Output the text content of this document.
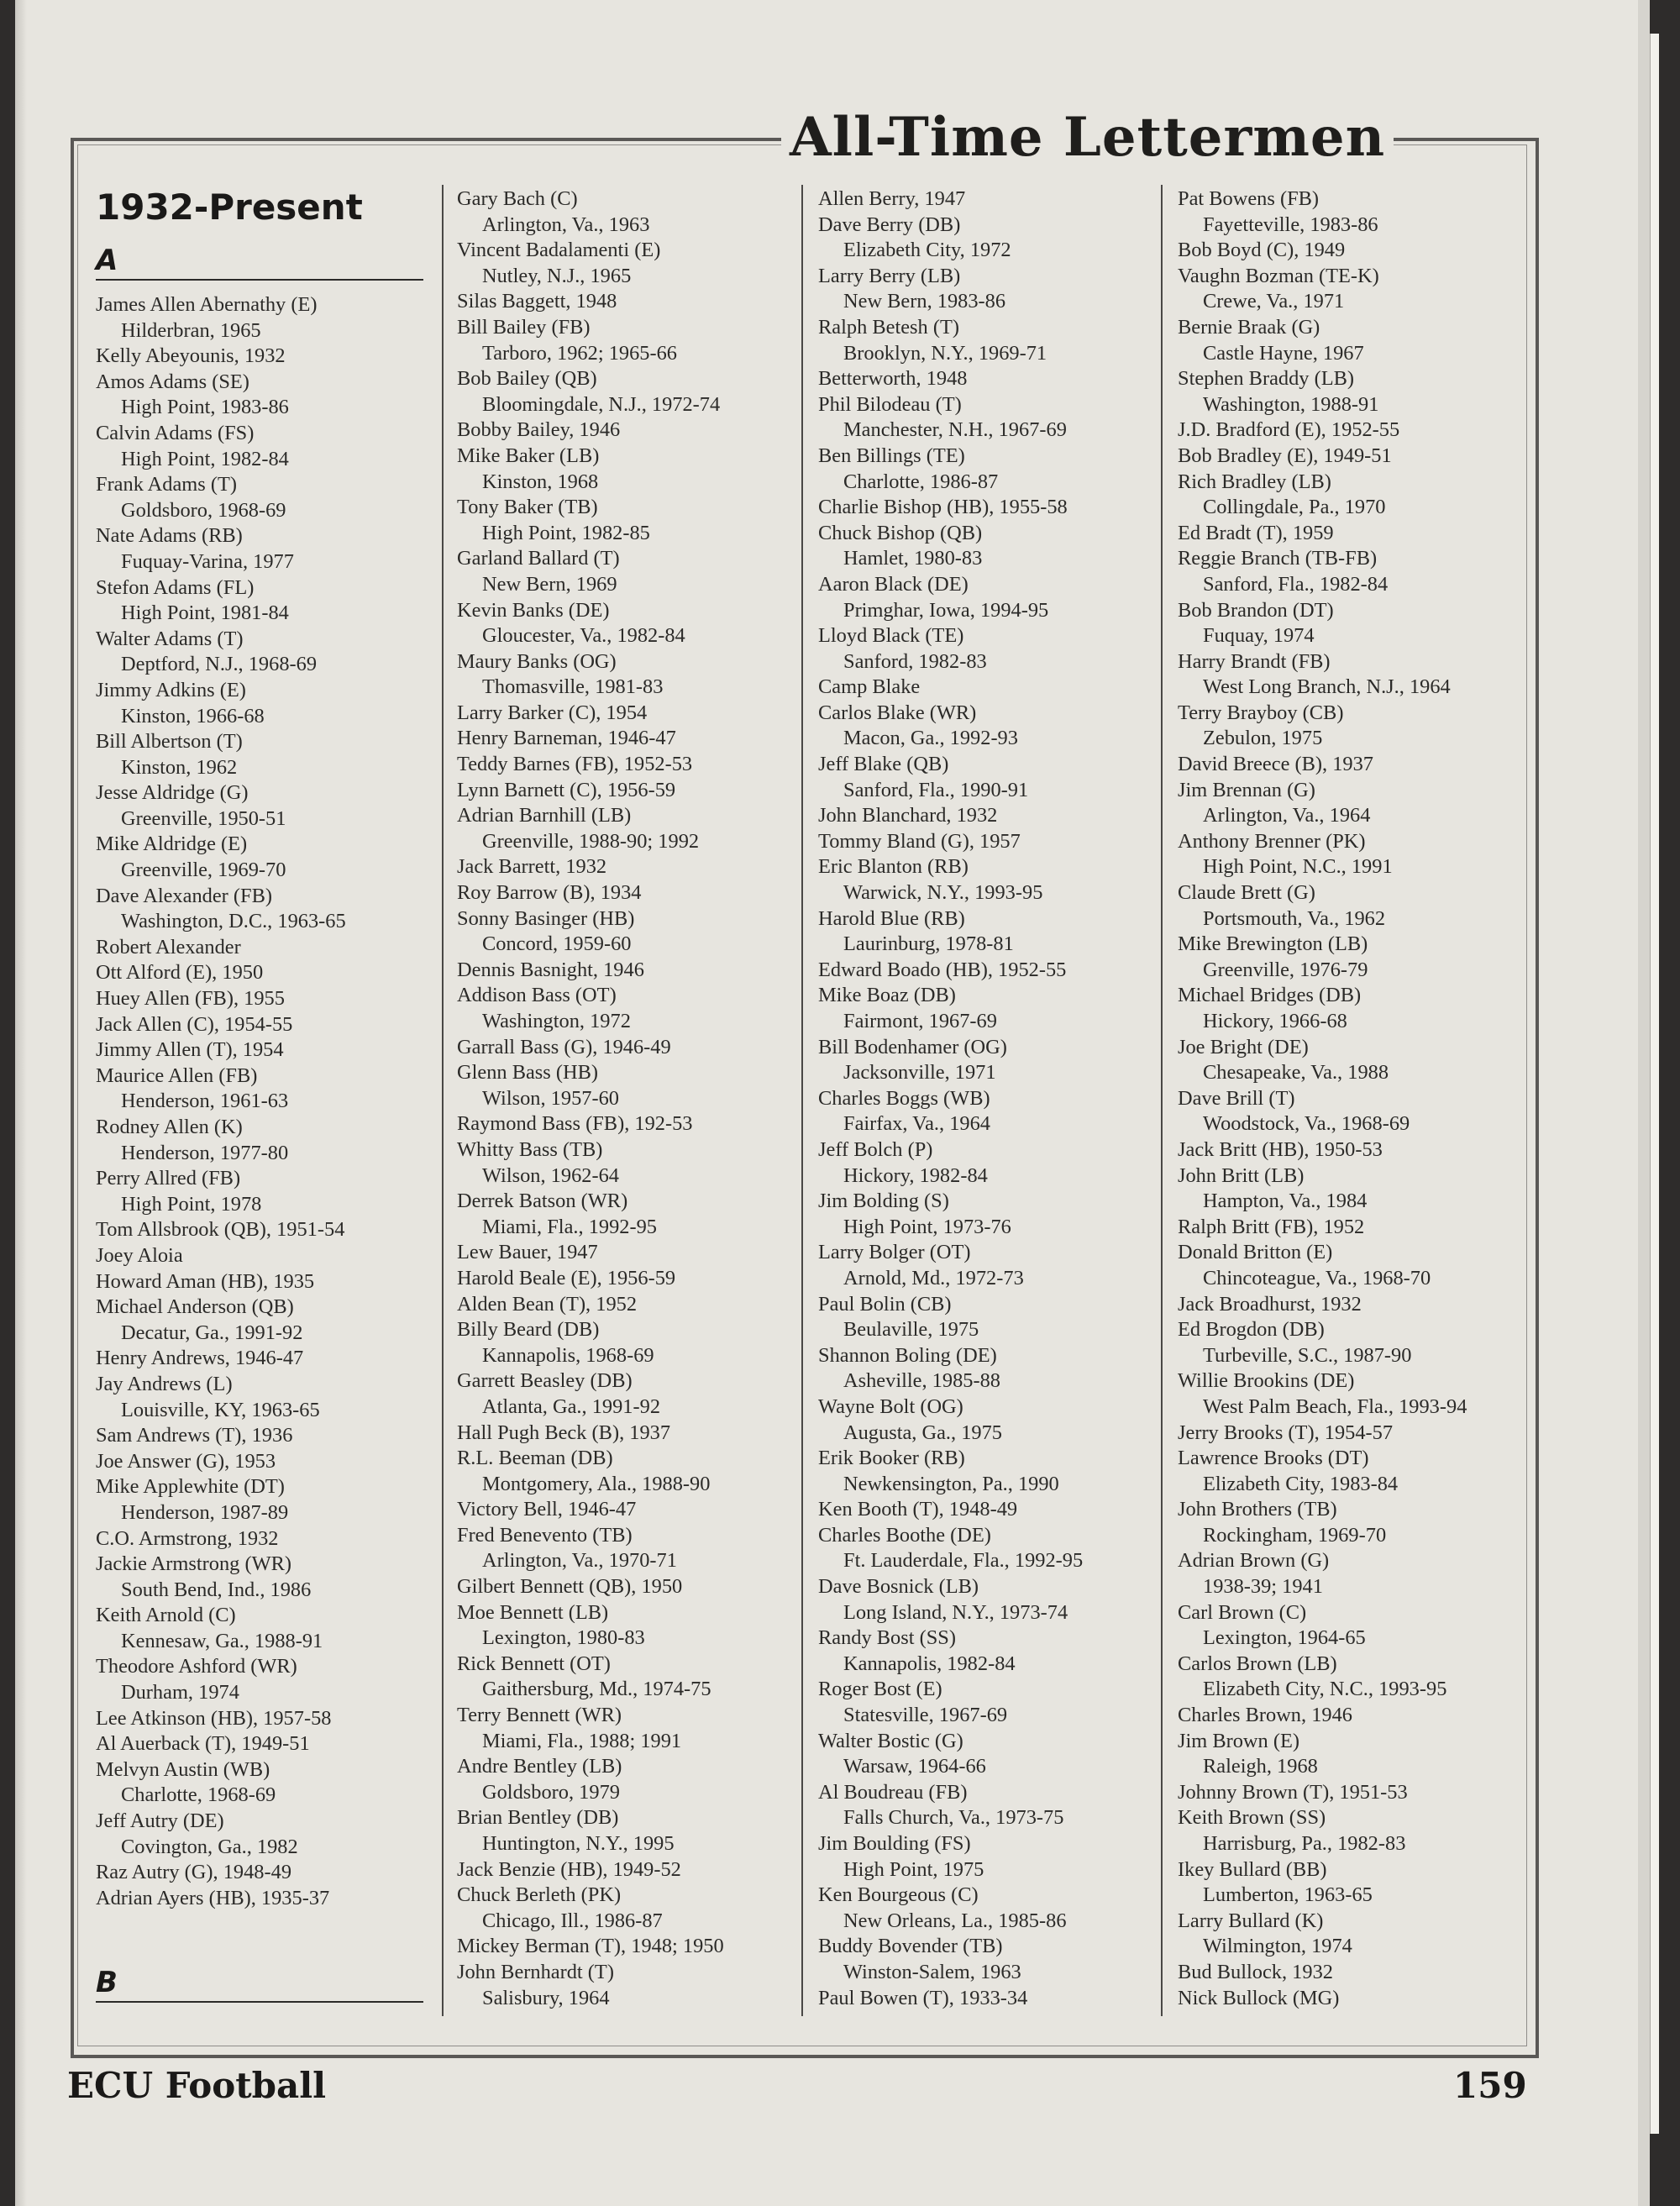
All-Time Lettermen
1932-Present
A
James Allen Abernathy (E)
Hilderbran, 1965
Kelly Abeyounis, 1932
Amos Adams (SE)
High Point, 1983-86
Calvin Adams (FS)
High Point, 1982-84
Frank Adams (T)
Goldsboro, 1968-69
Nate Adams (RB)
Fuquay-Varina, 1977
Stefon Adams (FL)
High Point, 1981-84
Walter Adams (T)
Deptford, N.J., 1968-69
Jimmy Adkins (E)
Kinston, 1966-68
Bill Albertson (T)
Kinston, 1962
Jesse Aldridge (G)
Greenville, 1950-51
Mike Aldridge (E)
Greenville, 1969-70
Dave Alexander (FB)
Washington, D.C., 1963-65
Robert Alexander
Ott Alford (E), 1950
Huey Allen (FB), 1955
Jack Allen (C), 1954-55
Jimmy Allen (T), 1954
Maurice Allen (FB)
Henderson, 1961-63
Rodney Allen (K)
Henderson, 1977-80
Perry Allred (FB)
High Point, 1978
Tom Allsbrook (QB), 1951-54
Joey Aloia
Howard Aman (HB), 1935
Michael Anderson (QB)
Decatur, Ga., 1991-92
Henry Andrews, 1946-47
Jay Andrews (L)
Louisville, KY, 1963-65
Sam Andrews (T), 1936
Joe Answer (G), 1953
Mike Applewhite (DT)
Henderson, 1987-89
C.O. Armstrong, 1932
Jackie Armstrong (WR)
South Bend, Ind., 1986
Keith Arnold (C)
Kennesaw, Ga., 1988-91
Theodore Ashford (WR)
Durham, 1974
Lee Atkinson (HB), 1957-58
Al Auerback (T), 1949-51
Melvyn Austin (WB)
Charlotte, 1968-69
Jeff Autry (DE)
Covington, Ga., 1982
Raz Autry (G), 1948-49
Adrian Ayers (HB), 1935-37
Gary Bach (C)
Arlington, Va., 1963
Vincent Badalamenti (E)
Nutley, N.J., 1965
Silas Baggett, 1948
Bill Bailey (FB)
Tarboro, 1962; 1965-66
Bob Bailey (QB)
Bloomingdale, N.J., 1972-74
Bobby Bailey, 1946
Mike Baker (LB)
Kinston, 1968
Tony Baker (TB)
High Point, 1982-85
Garland Ballard (T)
New Bern, 1969
Kevin Banks (DE)
Gloucester, Va., 1982-84
Maury Banks (OG)
Thomasville, 1981-83
Larry Barker (C), 1954
Henry Barneman, 1946-47
Teddy Barnes (FB), 1952-53
Lynn Barnett (C), 1956-59
Adrian Barnhill (LB)
Greenville, 1988-90; 1992
Jack Barrett, 1932
Roy Barrow (B), 1934
Sonny Basinger (HB)
Concord, 1959-60
Dennis Basnight, 1946
Addison Bass (OT)
Washington, 1972
Garrall Bass (G), 1946-49
Glenn Bass (HB)
Wilson, 1957-60
Raymond Bass (FB), 192-53
Whitty Bass (TB)
Wilson, 1962-64
Derrek Batson (WR)
Miami, Fla., 1992-95
Lew Bauer, 1947
Harold Beale (E), 1956-59
Alden Bean (T), 1952
Billy Beard (DB)
Kannapolis, 1968-69
Garrett Beasley (DB)
Atlanta, Ga., 1991-92
Hall Pugh Beck (B), 1937
R.L. Beeman (DB)
Montgomery, Ala., 1988-90
Victory Bell, 1946-47
Fred Benevento (TB)
Arlington, Va., 1970-71
Gilbert Bennett (QB), 1950
Moe Bennett (LB)
Lexington, 1980-83
Rick Bennett (OT)
Gaithersburg, Md., 1974-75
Terry Bennett (WR)
Miami, Fla., 1988; 1991
Andre Bentley (LB)
Goldsboro, 1979
Brian Bentley (DB)
Huntington, N.Y., 1995
Jack Benzie (HB), 1949-52
Chuck Berleth (PK)
Chicago, Ill., 1986-87
Mickey Berman (T), 1948; 1950
John Bernhardt (T)
Salisbury, 1964
Allen Berry, 1947
Dave Berry (DB)
Elizabeth City, 1972
Larry Berry (LB)
New Bern, 1983-86
Ralph Betesh (T)
Brooklyn, N.Y., 1969-71
Betterworth, 1948
Phil Bilodeau (T)
Manchester, N.H., 1967-69
Ben Billings (TE)
Charlotte, 1986-87
Charlie Bishop (HB), 1955-58
Chuck Bishop (QB)
Hamlet, 1980-83
Aaron Black (DE)
Primghar, Iowa, 1994-95
Lloyd Black (TE)
Sanford, 1982-83
Camp Blake
Carlos Blake (WR)
Macon, Ga., 1992-93
Jeff Blake (QB)
Sanford, Fla., 1990-91
John Blanchard, 1932
Tommy Bland (G), 1957
Eric Blanton (RB)
Warwick, N.Y., 1993-95
Harold Blue (RB)
Laurinburg, 1978-81
Edward Boado (HB), 1952-55
Mike Boaz (DB)
Fairmont, 1967-69
Bill Bodenhamer (OG)
Jacksonville, 1971
Charles Boggs (WB)
Fairfax, Va., 1964
Jeff Bolch (P)
Hickory, 1982-84
Jim Bolding (S)
High Point, 1973-76
Larry Bolger (OT)
Arnold, Md., 1972-73
Paul Bolin (CB)
Beulaville, 1975
Shannon Boling (DE)
Asheville, 1985-88
Wayne Bolt (OG)
Augusta, Ga., 1975
Erik Booker (RB)
Newkensington, Pa., 1990
Ken Booth (T), 1948-49
Charles Boothe (DE)
Ft. Lauderdale, Fla., 1992-95
Dave Bosnick (LB)
Long Island, N.Y., 1973-74
Randy Bost (SS)
Kannapolis, 1982-84
Roger Bost (E)
Statesville, 1967-69
Walter Bostic (G)
Warsaw, 1964-66
Al Boudreau (FB)
Falls Church, Va., 1973-75
Jim Boulding (FS)
High Point, 1975
Ken Bourgeous (C)
New Orleans, La., 1985-86
Buddy Bovender (TB)
Winston-Salem, 1963
Paul Bowen (T), 1933-34
Pat Bowens (FB)
Fayetteville, 1983-86
Bob Boyd (C), 1949
Vaughn Bozman (TE-K)
Crewe, Va., 1971
Bernie Braak (G)
Castle Hayne, 1967
Stephen Braddy (LB)
Washington, 1988-91
J.D. Bradford (E), 1952-55
Bob Bradley (E), 1949-51
Rich Bradley (LB)
Collingdale, Pa., 1970
Ed Bradt (T), 1959
Reggie Branch (TB-FB)
Sanford, Fla., 1982-84
Bob Brandon (DT)
Fuquay, 1974
Harry Brandt (FB)
West Long Branch, N.J., 1964
Terry Brayboy (CB)
Zebulon, 1975
David Breece (B), 1937
Jim Brennan (G)
Arlington, Va., 1964
Anthony Brenner (PK)
High Point, N.C., 1991
Claude Brett (G)
Portsmouth, Va., 1962
Mike Brewington (LB)
Greenville, 1976-79
Michael Bridges (DB)
Hickory, 1966-68
Joe Bright (DE)
Chesapeake, Va., 1988
Dave Brill (T)
Woodstock, Va., 1968-69
Jack Britt (HB), 1950-53
John Britt (LB)
Hampton, Va., 1984
Ralph Britt (FB), 1952
Donald Britton (E)
Chincoteague, Va., 1968-70
Jack Broadhurst, 1932
Ed Brogdon (DB)
Turbeville, S.C., 1987-90
Willie Brookins (DE)
West Palm Beach, Fla., 1993-94
Jerry Brooks (T), 1954-57
Lawrence Brooks (DT)
Elizabeth City, 1983-84
John Brothers (TB)
Rockingham, 1969-70
Adrian Brown (G)
1938-39; 1941
Carl Brown (C)
Lexington, 1964-65
Carlos Brown (LB)
Elizabeth City, N.C., 1993-95
Charles Brown, 1946
Jim Brown (E)
Raleigh, 1968
Johnny Brown (T), 1951-53
Keith Brown (SS)
Harrisburg, Pa., 1982-83
Ikey Bullard (BB)
Lumberton, 1963-65
Larry Bullard (K)
Wilmington, 1974
Bud Bullock, 1932
Nick Bullock (MG)
B
ECU Football	159
